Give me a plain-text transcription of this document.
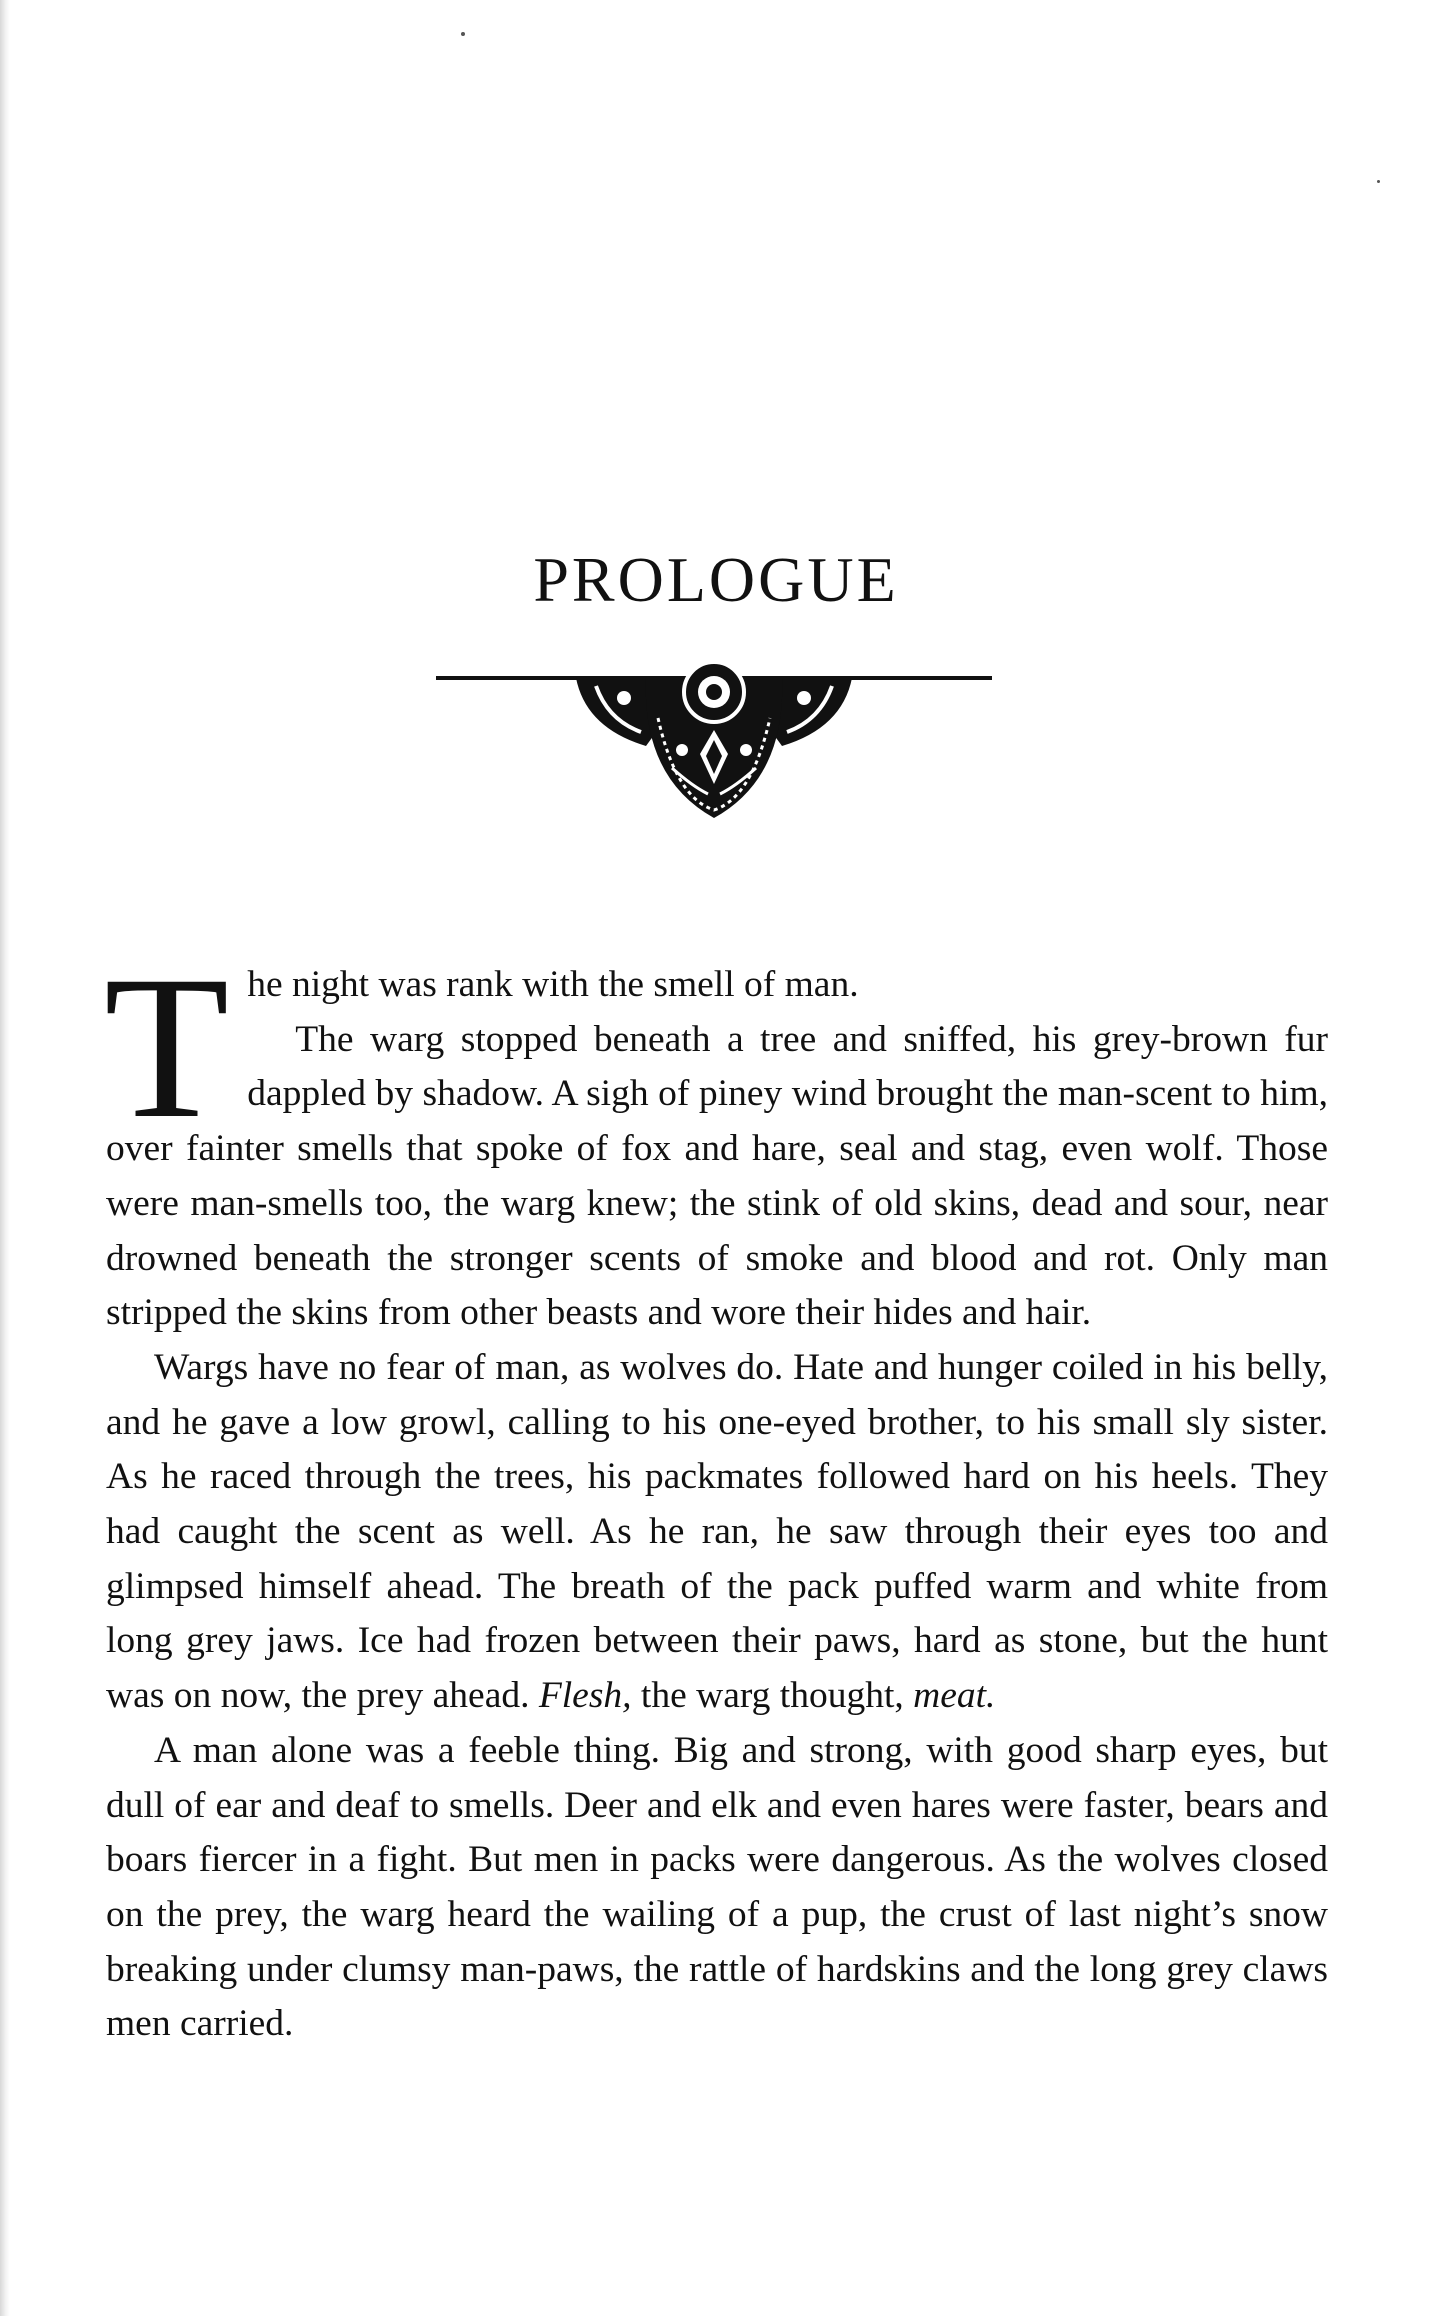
PROLOGUE

The night was rank with the smell of man.

The warg stopped beneath a tree and sniffed, his grey-brown fur dappled by shadow. A sigh of piney wind brought the man-scent to him, over fainter smells that spoke of fox and hare, seal and stag, even wolf. Those were man-smells too, the warg knew; the stink of old skins, dead and sour, near drowned beneath the stronger scents of smoke and blood and rot. Only man stripped the skins from other beasts and wore their hides and hair.

Wargs have no fear of man, as wolves do. Hate and hunger coiled in his belly, and he gave a low growl, calling to his one-eyed brother, to his small sly sister. As he raced through the trees, his packmates followed hard on his heels. They had caught the scent as well. As he ran, he saw through their eyes too and glimpsed himself ahead. The breath of the pack puffed warm and white from long grey jaws. Ice had frozen between their paws, hard as stone, but the hunt was on now, the prey ahead. Flesh, the warg thought, meat.

A man alone was a feeble thing. Big and strong, with good sharp eyes, but dull of ear and deaf to smells. Deer and elk and even hares were faster, bears and boars fiercer in a fight. But men in packs were dangerous. As the wolves closed on the prey, the warg heard the wailing of a pup, the crust of last night’s snow breaking under clumsy man-paws, the rattle of hardskins and the long grey claws men carried.
